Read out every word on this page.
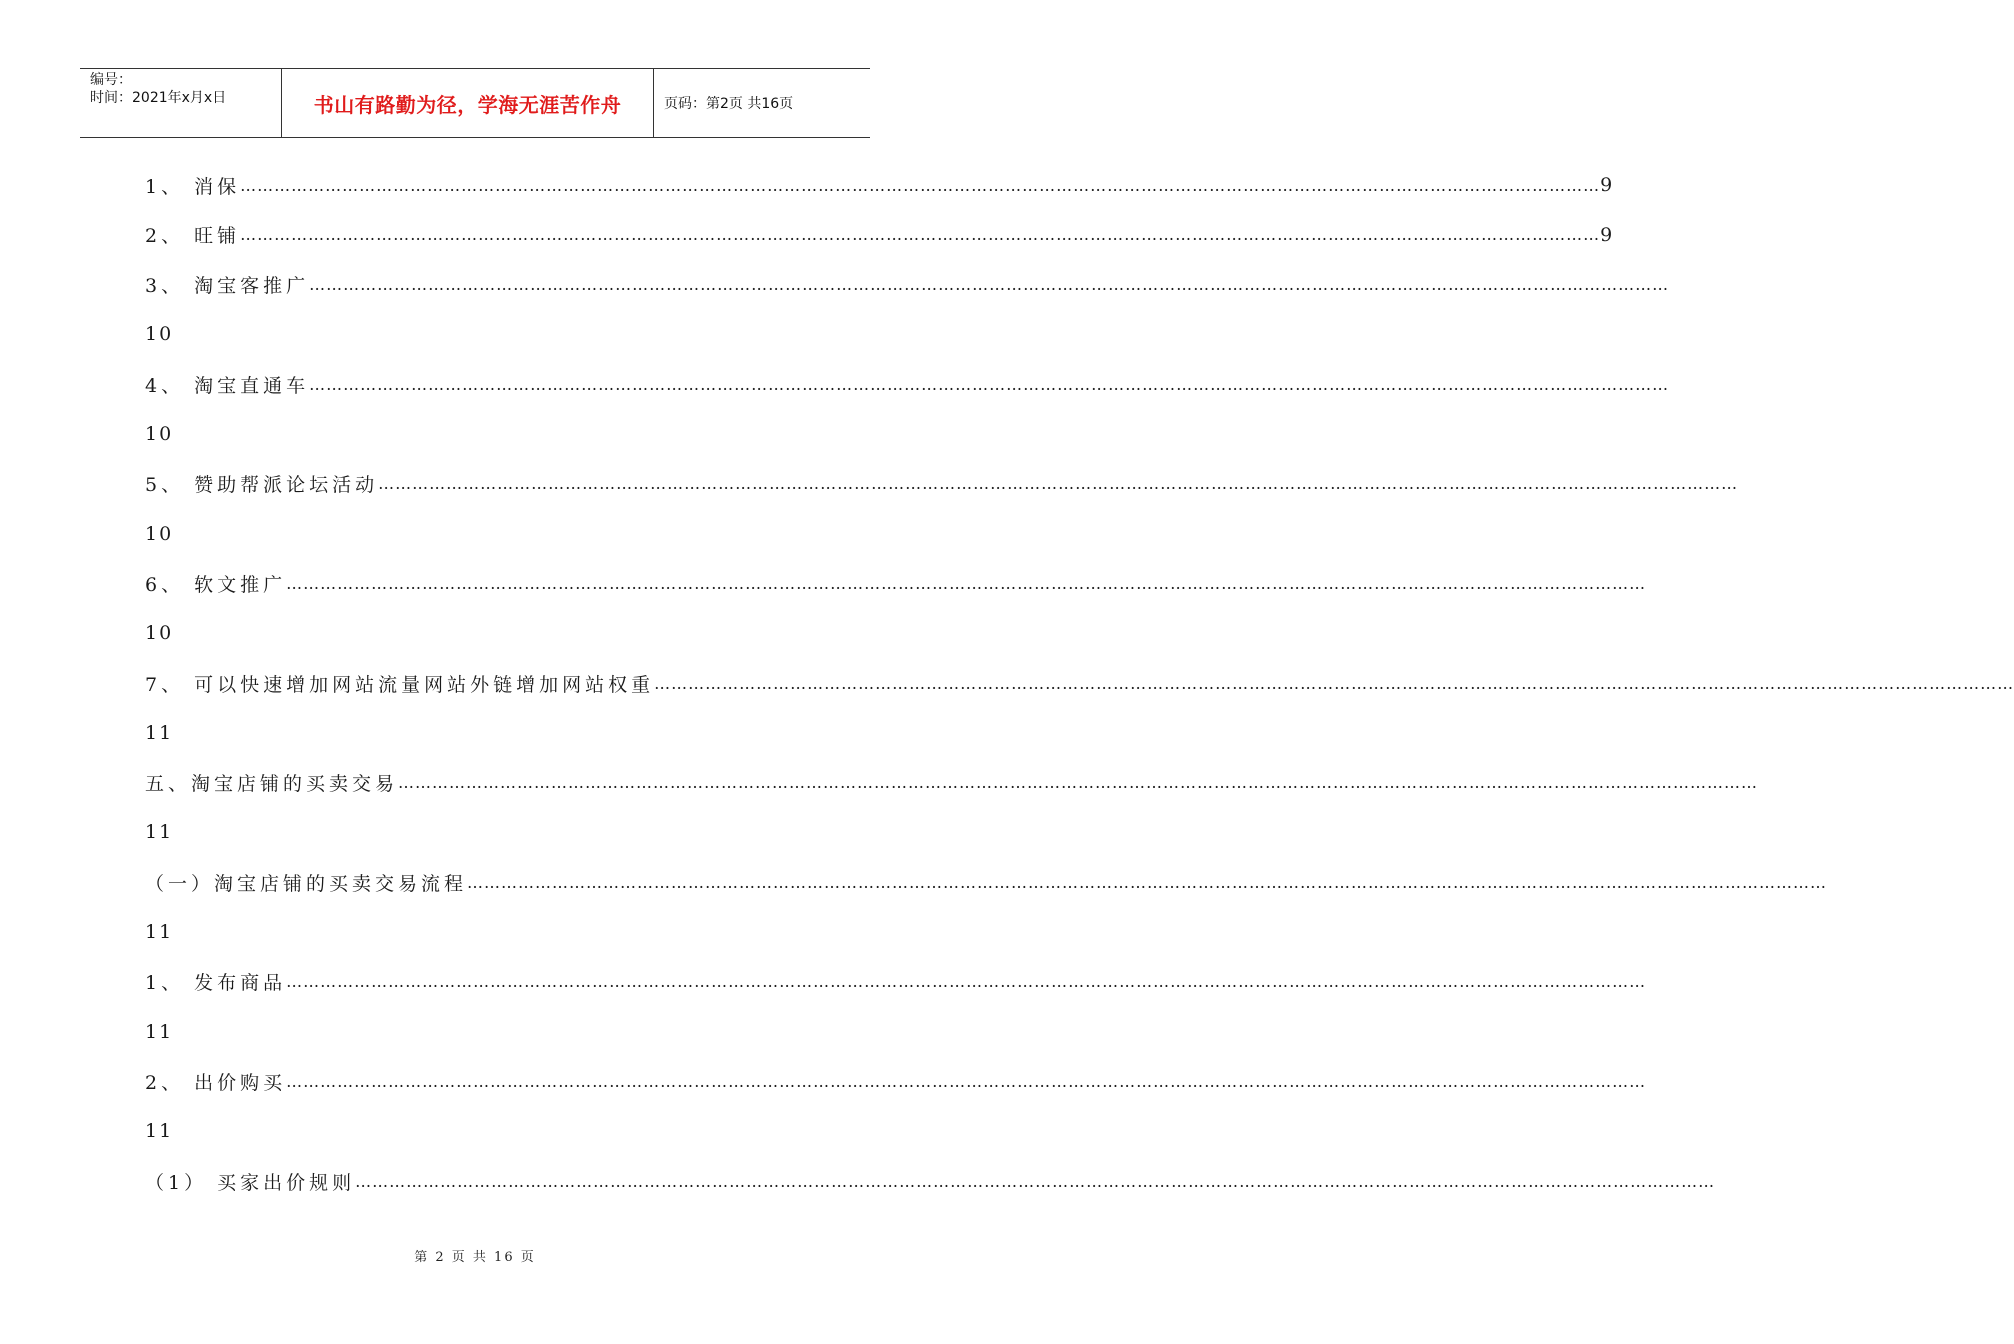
编号：
时间：2021年x月x日	书山有路勤为径，学海无涯苦作舟	页码：第2页 共16页
1、 消保 …………………………………………………………………………………………………………………………………………………………………………………………………………………… 9
2、 旺铺 …………………………………………………………………………………………………………………………………………………………………………………………………………………… 9
3、 淘宝客推广 ……………………………………………………………………………………………………………………………………………………………………………………………………………………
10
4、 淘宝直通车 ……………………………………………………………………………………………………………………………………………………………………………………………………………………
10
5、 赞助帮派论坛活动 ……………………………………………………………………………………………………………………………………………………………………………………………………………………
10
6、 软文推广 ……………………………………………………………………………………………………………………………………………………………………………………………………………………
10
7、 可以快速增加网站流量网站外链增加网站权重 ……………………………………………………………………………………………………………………………………………………………………………………………………………………
11
五、淘宝店铺的买卖交易 ……………………………………………………………………………………………………………………………………………………………………………………………………………………
11
（一）淘宝店铺的买卖交易流程 ……………………………………………………………………………………………………………………………………………………………………………………………………………………
11
1、 发布商品 ……………………………………………………………………………………………………………………………………………………………………………………………………………………
11
2、 出价购买 ……………………………………………………………………………………………………………………………………………………………………………………………………………………
11
（1） 买家出价规则 ……………………………………………………………………………………………………………………………………………………………………………………………………………………
第 2 页 共 16 页
